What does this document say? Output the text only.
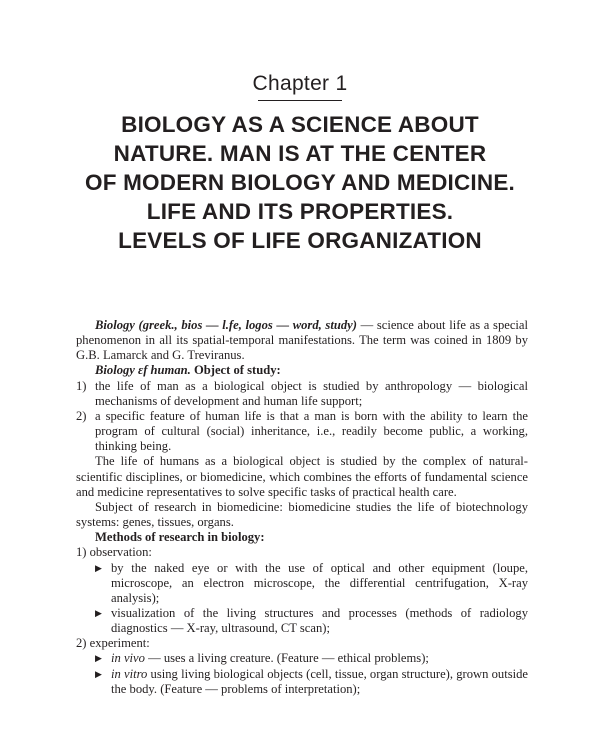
Chapter 1
BIOLOGY AS A SCIENCE ABOUT
NATURE. MAN IS AT THE CENTER
OF MODERN BIOLOGY AND MEDICINE.
LIFE AND ITS PROPERTIES.
LEVELS OF LIFE ORGANIZATION

Biology (greek., bios — l.fe, logos — word, study) — science about life as a special phenomenon in all its spatial-temporal manifestations. The term was coined in 1809 by G.B. Lamarck and G. Treviranus.

Biology ɛf human. Object of study:

1) the life of man as a biological object is studied by anthropology — biological mechanisms of development and human life support;
2) a specific feature of human life is that a man is born with the ability to learn the program of cultural (social) inheritance, i.e., readily become public, a working, thinking being.

The life of humans as a biological object is studied by the complex of natural-scientific disciplines, or biomedicine, which combines the efforts of fundamental science and medicine representatives to solve specific tasks of practical health care.

Subject of research in biomedicine: biomedicine studies the life of biotechnology systems: genes, tissues, organs.

Methods of research in biology:

1) observation:

▶ by the naked eye or with the use of optical and other equipment (loupe, microscope, an electron microscope, the differential centrifugation, X-ray analysis);
▶ visualization of the living structures and processes (methods of radiology diagnostics — X-ray, ultrasound, CT scan);

2) experiment:

▶ in vivo — uses a living creature. (Feature — ethical problems);
▶ in vitro using living biological objects (cell, tissue, organ structure), grown outside the body. (Feature — problems of interpretation);
